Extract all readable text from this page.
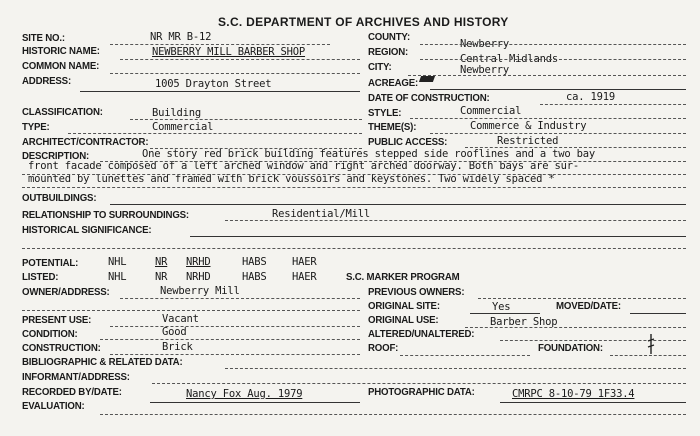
S.C. DEPARTMENT OF ARCHIVES AND HISTORY
SITE NO.:	NR MR B-12
HISTORIC NAME:	NEWBERRY MILL BARBER SHOP
COMMON NAME:
ADDRESS:	1005 Drayton Street
CLASSIFICATION:	Building
TYPE:	Commercial
ARCHITECT/CONTRACTOR:
DESCRIPTION:	One story red brick building features stepped side rooflines and a two bay
front facade composed of a left arched window and right arched doorway. Both bays are sur-
mounted by lunettes and framed with brick voussoirs and keystones. Two widely spaced *
OUTBUILDINGS:
RELATIONSHIP TO SURROUNDINGS:	Residential/Mill
HISTORICAL SIGNIFICANCE:
COUNTY:
Newberry
REGION:
Central Midlands
CITY:	Newberry
ACREAGE:
DATE OF CONSTRUCTION:	ca. 1919
STYLE:	Commercial
THEME(S):	Commerce & Industry
PUBLIC ACCESS:	Restricted
POTENTIAL:	NHL	NR NRHD	HABS HAER
LISTED:	NHL	NR NRHD	HABS HAER
OWNER/ADDRESS:	Newberry Mill
S.C. MARKER PROGRAM
PREVIOUS OWNERS:
ORIGINAL SITE:	Yes	MOVED/DATE:
PRESENT USE:	Vacant	ORIGINAL USE:	Barber Shop
CONDITION:	Good	ALTERED/UNALTERED:
CONSTRUCTION:	Brick	ROOF:	FOUNDATION:
BIBLIOGRAPHIC & RELATED DATA:
INFORMANT/ADDRESS:
RECORDED BY/DATE:	Nancy Fox Aug. 1979	PHOTOGRAPHIC DATA:	CMRPC 8-10-79 1F33.4
EVALUATION:
